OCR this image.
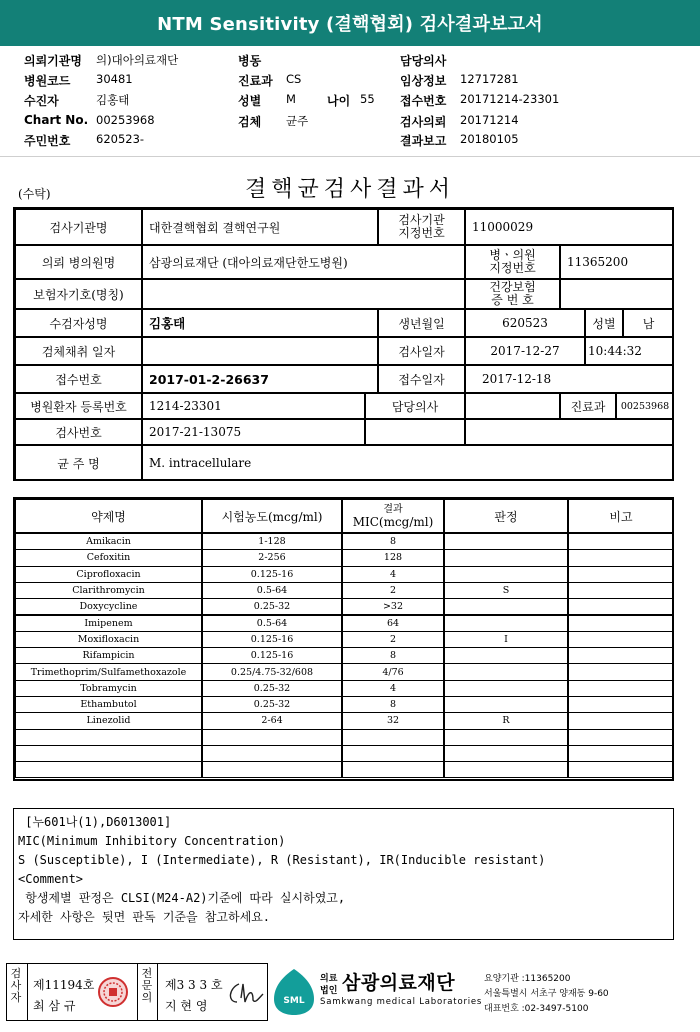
NTM Sensitivity (결핵협회) 검사결과보고서
의뢰기관명 의)대아의료재단
병원코드 30481
수진자	김홍태
Chart No. 00253968
주민번호 620523-
병동
진료과 CS
성별 M	나이 55
검체 균주
담당의사
임상정보 12717281
접수번호 20171214-23301
검사의뢰 20171214
결과보고 20180105
(수탁)	결핵균검사결과서
검사기관명	대한결핵협회 결핵연구원
검사기관
지정번호	11000029
의뢰 병의원명	삼광의료재단 (대아의료재단한도병원)
병ㆍ의원
지정번호	11365200
보험자기호(명칭)
건강보험
증 번 호
수검자성명	김홍태	생년월일	620523	성별	남
검체채취 일자	검사일자	2017-12-27	10:44:32
접수번호	2017-01-2-26637	접수일자	2017-12-18
병원환자 등록번호	1214-23301	담당의사	진료과	00253968
검사번호	2017-21-13075
균 주 명	M. intracellulare
약제명	시험농도(mcg/ml)	결과
MIC(mcg/ml)	판정	비고
Amikacin	1-128	8
Cefoxitin	2-256	128
Ciprofloxacin	0.125-16	4
Clarithromycin	0.5-64	2	S
Doxycycline	0.25-32	>32
Imipenem	0.5-64	64
Moxifloxacin	0.125-16	2	I
Rifampicin	0.125-16	8
Trimethoprim/Sulfamethoxazole	0.25/4.75-32/608	4/76
Tobramycin	0.25-32	4
Ethambutol	0.25-32	8
Linezolid	2-64	32	R
[누601나(1),D6013001]
MIC(Minimum Inhibitory Concentration)
S (Susceptible), I (Intermediate), R (Resistant), IR(Inducible resistant)
<Comment>
항생제별 판정은 CLSI(M24-A2)기준에 따라 실시하였고,
자세한 사항은 뒷면 판독 기준을 참고하세요.
검사자
제11194호
최 삼 규
전문의
제3 3 3 호
지 현 영	SML
의료
법인 삼광의료재단
Samkwang medical Laboratories
요양기관 :11365200
서울특별시 서초구 양재동 9-60
대표번호 :02-3497-5100
